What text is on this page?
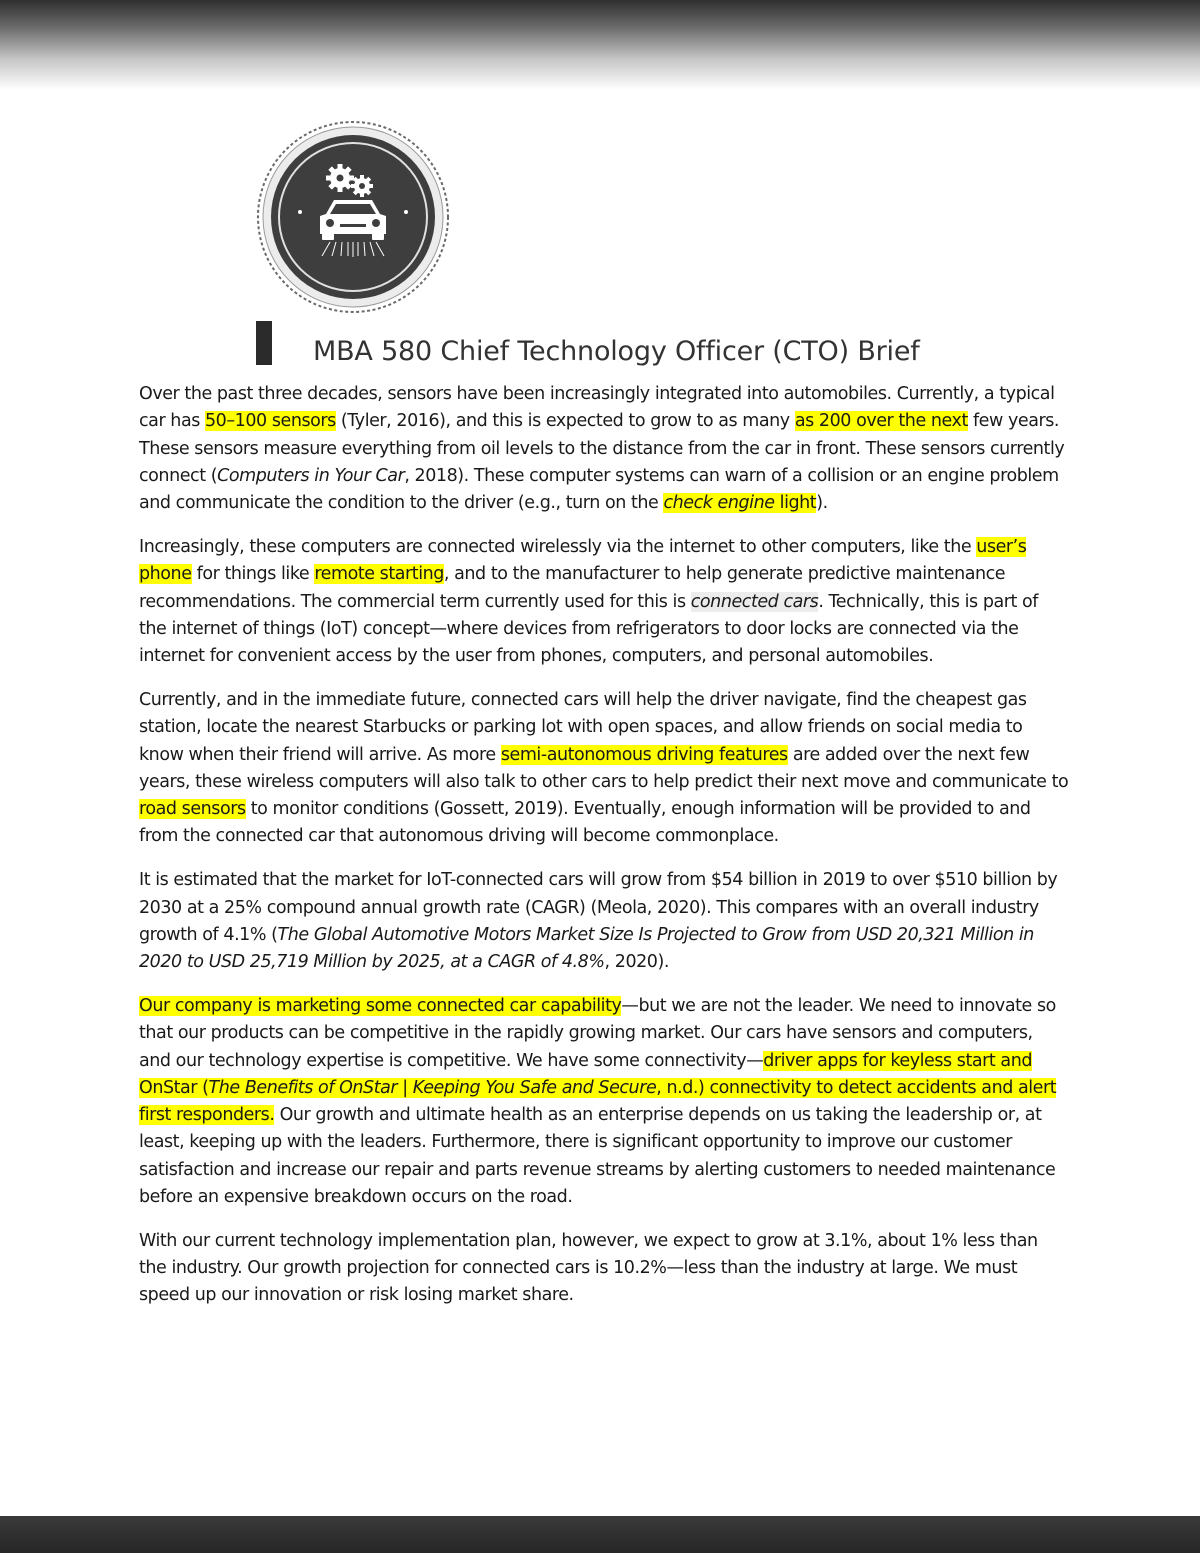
MBA 580 Chief Technology Officer (CTO) Brief

Over the past three decades, sensors have been increasingly integrated into automobiles. Currently, a typical car has 50–100 sensors (Tyler, 2016), and this is expected to grow to as many as 200 over the next few years. These sensors measure everything from oil levels to the distance from the car in front. These sensors currently connect (Computers in Your Car, 2018). These computer systems can warn of a collision or an engine problem and communicate the condition to the driver (e.g., turn on the check engine light).

Increasingly, these computers are connected wirelessly via the internet to other computers, like the user’s phone for things like remote starting, and to the manufacturer to help generate predictive maintenance recommendations. The commercial term currently used for this is connected cars. Technically, this is part of the internet of things (IoT) concept—where devices from refrigerators to door locks are connected via the internet for convenient access by the user from phones, computers, and personal automobiles.

Currently, and in the immediate future, connected cars will help the driver navigate, find the cheapest gas station, locate the nearest Starbucks or parking lot with open spaces, and allow friends on social media to know when their friend will arrive. As more semi-autonomous driving features are added over the next few years, these wireless computers will also talk to other cars to help predict their next move and communicate to road sensors to monitor conditions (Gossett, 2019). Eventually, enough information will be provided to and from the connected car that autonomous driving will become commonplace.

It is estimated that the market for IoT-connected cars will grow from $54 billion in 2019 to over $510 billion by 2030 at a 25% compound annual growth rate (CAGR) (Meola, 2020). This compares with an overall industry growth of 4.1% (The Global Automotive Motors Market Size Is Projected to Grow from USD 20,321 Million in 2020 to USD 25,719 Million by 2025, at a CAGR of 4.8%, 2020).

Our company is marketing some connected car capability—but we are not the leader. We need to innovate so that our products can be competitive in the rapidly growing market. Our cars have sensors and computers, and our technology expertise is competitive. We have some connectivity—driver apps for keyless start and OnStar (The Benefits of OnStar | Keeping You Safe and Secure, n.d.) connectivity to detect accidents and alert first responders. Our growth and ultimate health as an enterprise depends on us taking the leadership or, at least, keeping up with the leaders. Furthermore, there is significant opportunity to improve our customer satisfaction and increase our repair and parts revenue streams by alerting customers to needed maintenance before an expensive breakdown occurs on the road.

With our current technology implementation plan, however, we expect to grow at 3.1%, about 1% less than the industry. Our growth projection for connected cars is 10.2%—less than the industry at large. We must speed up our innovation or risk losing market share.
